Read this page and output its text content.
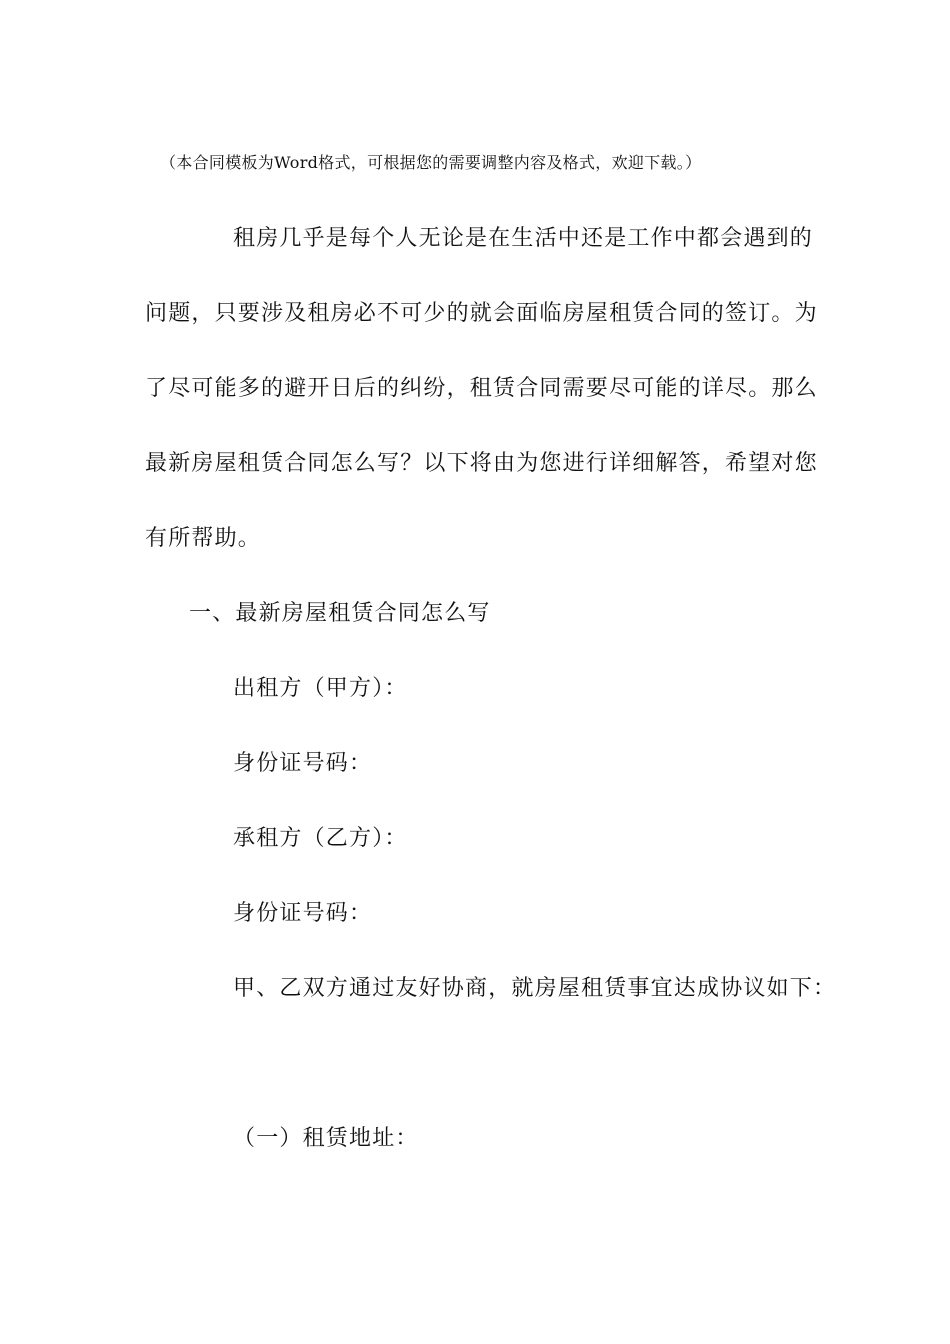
（本合同模板为Word格式，可根据您的需要调整内容及格式，欢迎下载。）
租房几乎是每个人无论是在生活中还是工作中都会遇到的
问题，只要涉及租房必不可少的就会面临房屋租赁合同的签订。为
了尽可能多的避开日后的纠纷，租赁合同需要尽可能的详尽。那么
最新房屋租赁合同怎么写？以下将由为您进行详细解答，希望对您
有所帮助。
一、最新房屋租赁合同怎么写
出租方（甲方）：
身份证号码：
承租方（乙方）：
身份证号码：
甲、乙双方通过友好协商，就房屋租赁事宜达成协议如下：
（一）租赁地址：
